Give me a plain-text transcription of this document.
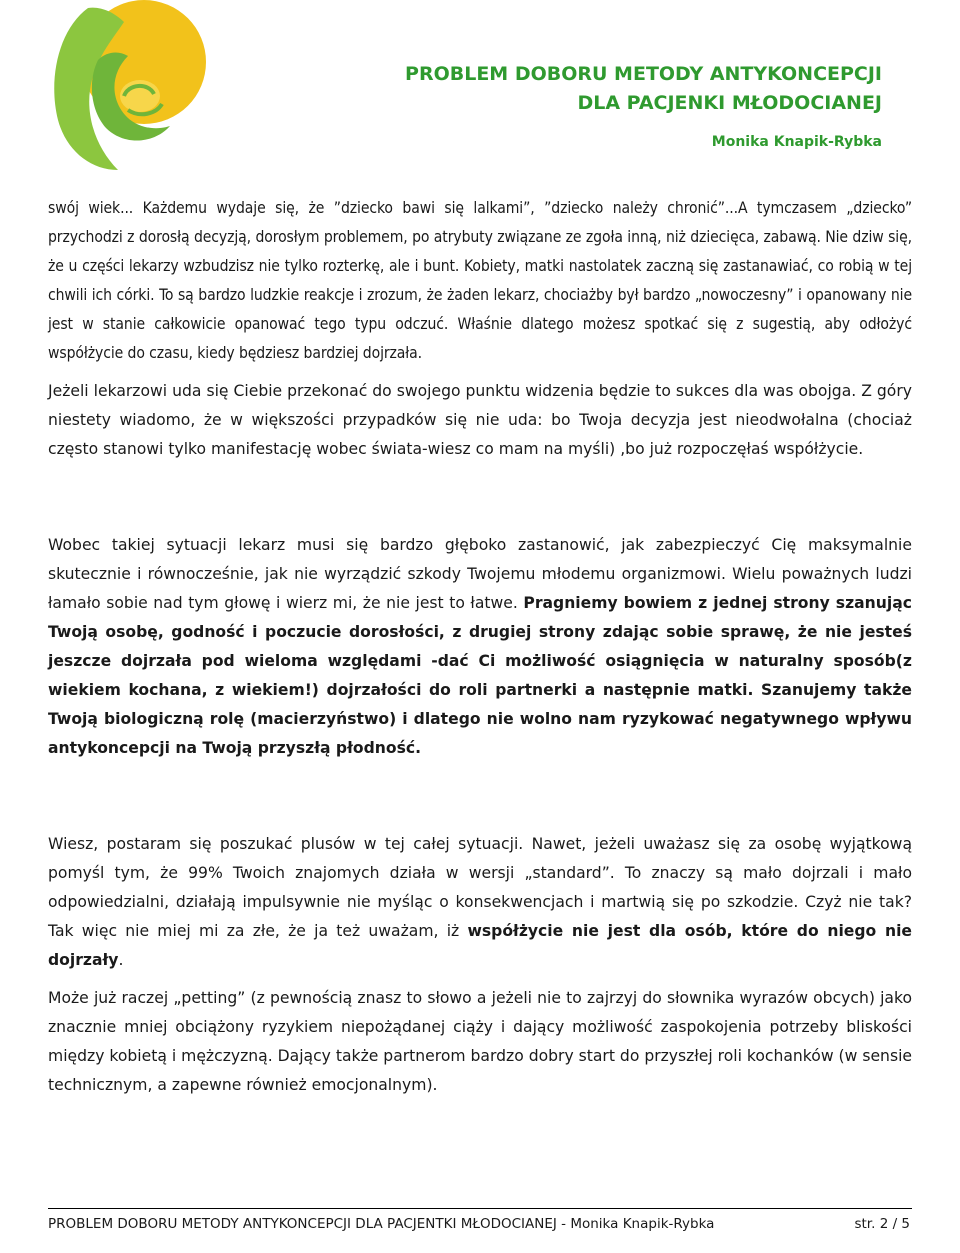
PROBLEM DOBORU METODY ANTYKONCEPCJI
DLA PACJENKI MŁODOCIANEJ
Monika Knapik-Rybka

swój wiek... Każdemu wydaje się, że ”dziecko bawi się lalkami”, ”dziecko należy chronić”...A tymczasem „dziecko” przychodzi z dorosłą decyzją, dorosłym problemem, po atrybuty związane ze zgoła inną, niż dziecięca, zabawą. Nie dziw się, że u części lekarzy wzbudzisz nie tylko rozterkę, ale i bunt. Kobiety, matki nastolatek zaczną się zastanawiać, co robią w tej chwili ich córki. To są bardzo ludzkie reakcje i zrozum, że żaden lekarz, chociażby był bardzo „nowoczesny” i opanowany nie jest w stanie całkowicie opanować tego typu odczuć. Właśnie dlatego możesz spotkać się z sugestią, aby odłożyć współżycie do czasu, kiedy będziesz bardziej dojrzała.

Jeżeli lekarzowi uda się Ciebie przekonać do swojego punktu widzenia będzie to sukces dla was obojga. Z góry niestety wiadomo, że w większości przypadków się nie uda: bo Twoja decyzja jest nieodwołalna (chociaż często stanowi tylko manifestację wobec świata-wiesz co mam na myśli) ,bo już rozpoczęłaś współżycie.

Wobec takiej sytuacji lekarz musi się bardzo głęboko zastanowić, jak zabezpieczyć Cię maksymalnie skutecznie i równocześnie, jak nie wyrządzić szkody Twojemu młodemu organizmowi. Wielu poważnych ludzi łamało sobie nad tym głowę i wierz mi, że nie jest to łatwe. Pragniemy bowiem z jednej strony szanując Twoją osobę, godność i poczucie dorosłości, z drugiej strony zdając sobie sprawę, że nie jesteś jeszcze dojrzała pod wieloma względami -dać Ci możliwość osiągnięcia w naturalny sposób(z wiekiem kochana, z wiekiem!) dojrzałości do roli partnerki a następnie matki. Szanujemy także Twoją biologiczną rolę (macierzyństwo) i dlatego nie wolno nam ryzykować negatywnego wpływu antykoncepcji na Twoją przyszłą płodność.

Wiesz, postaram się poszukać plusów w tej całej sytuacji. Nawet, jeżeli uważasz się za osobę wyjątkową pomyśl tym, że 99% Twoich znajomych działa w wersji „standard”. To znaczy są mało dojrzali i mało odpowiedzialni, działają impulsywnie nie myśląc o konsekwencjach i martwią się po szkodzie. Czyż nie tak? Tak więc nie miej mi za złe, że ja też uważam, iż współżycie nie jest dla osób, które do niego nie dojrzały.

Może już raczej „petting” (z pewnością znasz to słowo a jeżeli nie to zajrzyj do słownika wyrazów obcych) jako znacznie mniej obciążony ryzykiem niepożądanej ciąży i dający możliwość zaspokojenia potrzeby bliskości między kobietą i mężczyzną. Dający także partnerom bardzo dobry start do przyszłej roli kochanków (w sensie technicznym, a zapewne również emocjonalnym).

PROBLEM DOBORU METODY ANTYKONCEPCJI DLA PACJENTKI MŁODOCIANEJ - Monika Knapik-Rybka	str. 2 / 5
